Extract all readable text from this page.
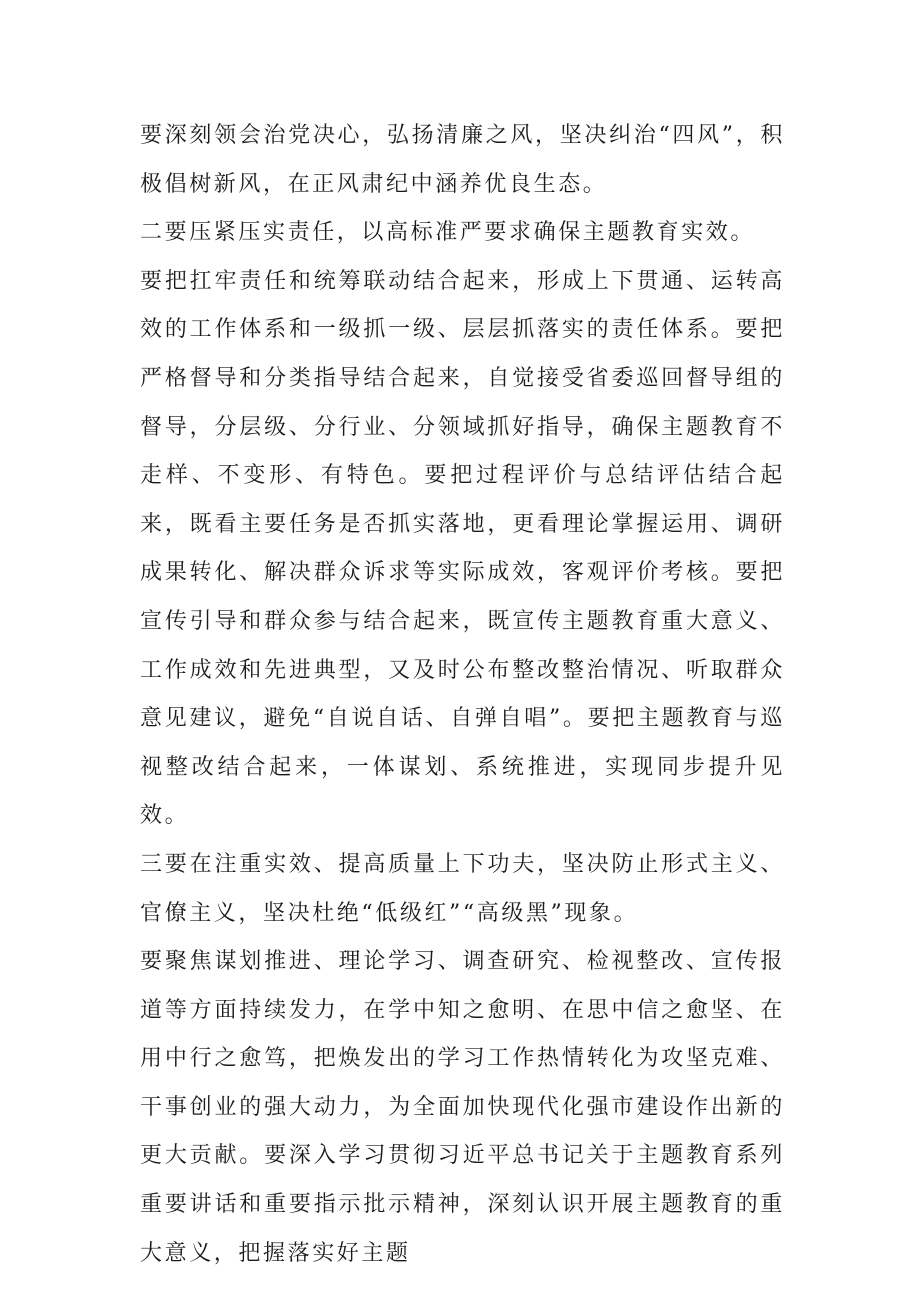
要深刻领会治党决心，弘扬清廉之风，坚决纠治“四风”，积极倡树新风，在正风肃纪中涵养优良生态。

二要压紧压实责任，以高标准严要求确保主题教育实效。

要把扛牢责任和统筹联动结合起来，形成上下贯通、运转高效的工作体系和一级抓一级、层层抓落实的责任体系。要把严格督导和分类指导结合起来，自觉接受省委巡回督导组的督导，分层级、分行业、分领域抓好指导，确保主题教育不走样、不变形、有特色。要把过程评价与总结评估结合起来，既看主要任务是否抓实落地，更看理论掌握运用、调研成果转化、解决群众诉求等实际成效，客观评价考核。要把宣传引导和群众参与结合起来，既宣传主题教育重大意义、工作成效和先进典型，又及时公布整改整治情况、听取群众意见建议，避免“自说自话、自弹自唱”。要把主题教育与巡视整改结合起来，一体谋划、系统推进，实现同步提升见效。

三要在注重实效、提高质量上下功夫，坚决防止形式主义、官僚主义，坚决杜绝“低级红”“高级黑”现象。

要聚焦谋划推进、理论学习、调查研究、检视整改、宣传报道等方面持续发力，在学中知之愈明、在思中信之愈坚、在用中行之愈笃，把焕发出的学习工作热情转化为攻坚克难、干事创业的强大动力，为全面加快现代化强市建设作出新的更大贡献。要深入学习贯彻习近平总书记关于主题教育系列重要讲话和重要指示批示精神，深刻认识开展主题教育的重大意义，把握落实好主题
